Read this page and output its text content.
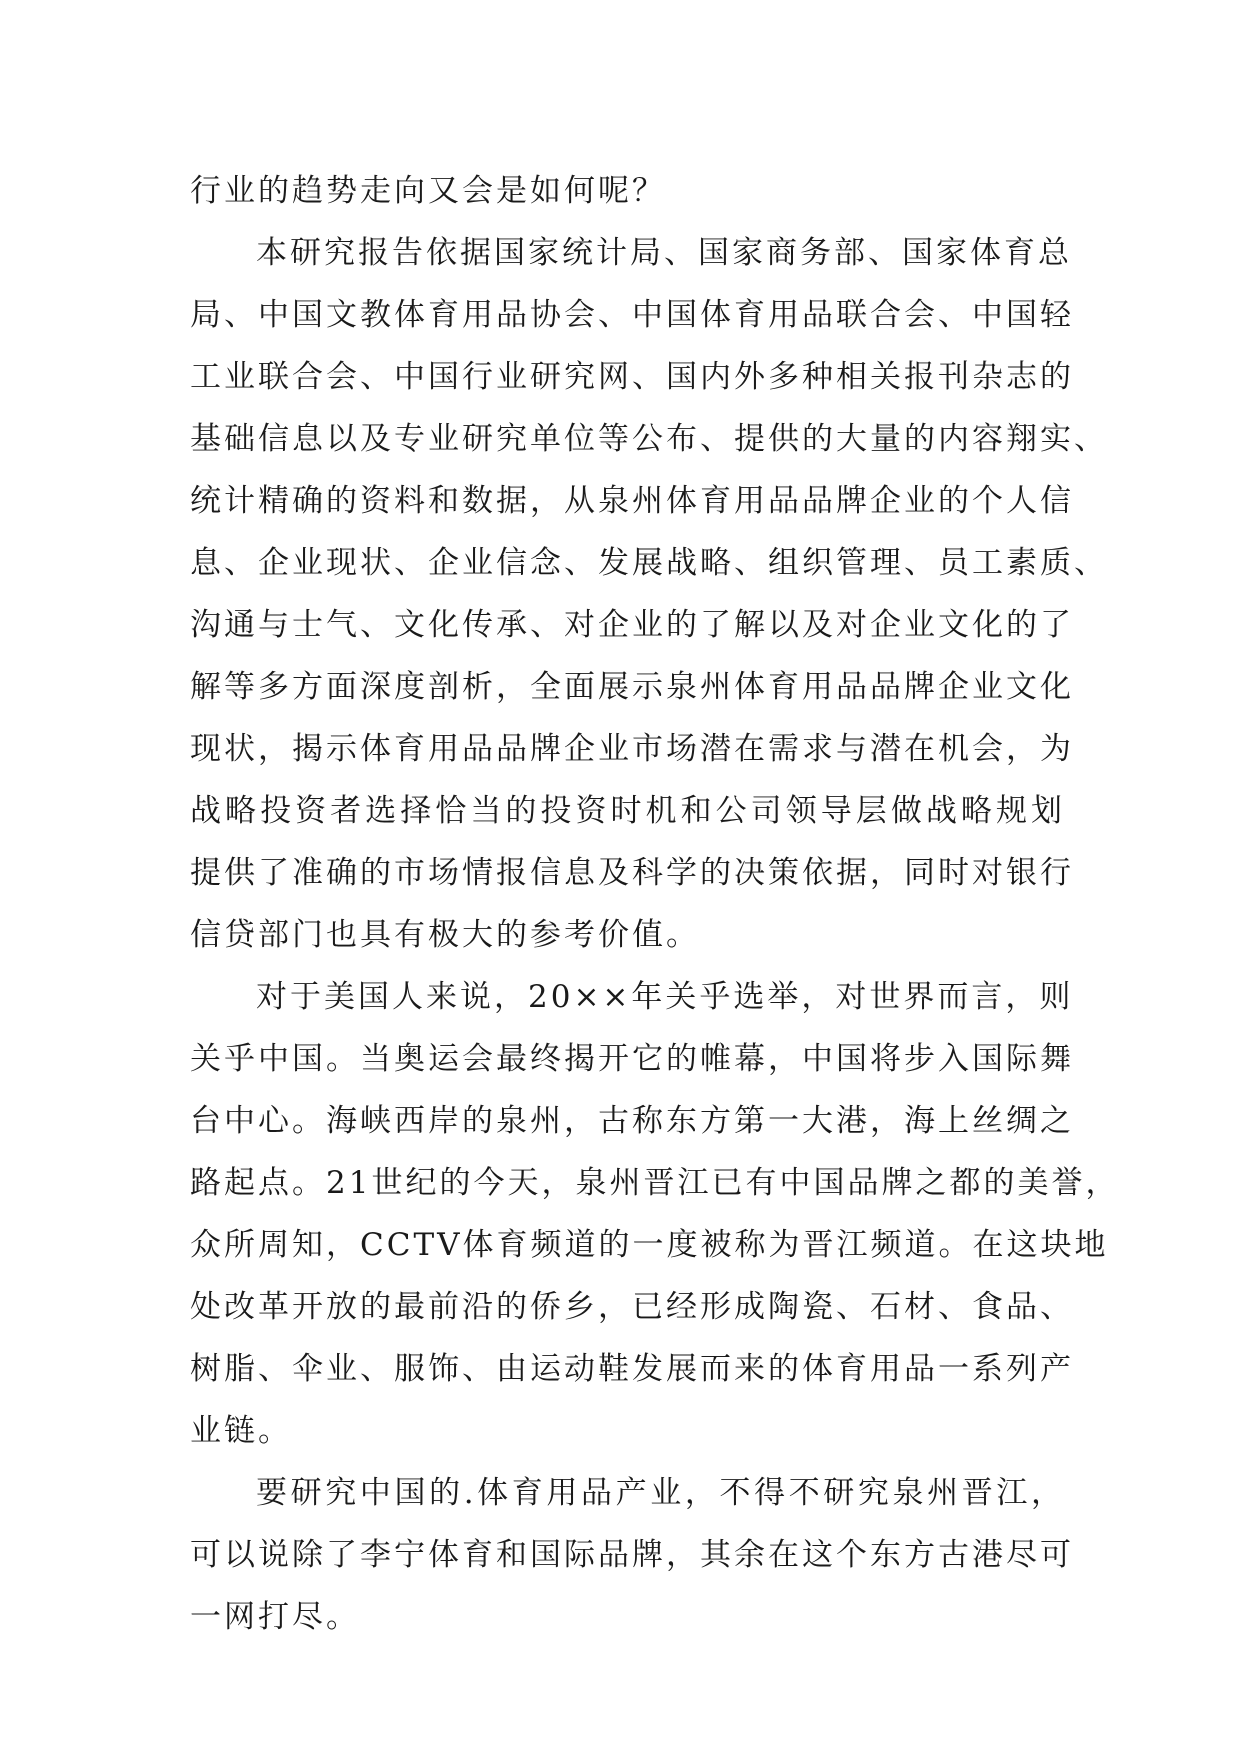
行业的趋势走向又会是如何呢？
本研究报告依据国家统计局、国家商务部、国家体育总
局、中国文教体育用品协会、中国体育用品联合会、中国轻
工业联合会、中国行业研究网、国内外多种相关报刊杂志的
基础信息以及专业研究单位等公布、提供的大量的内容翔实、
统计精确的资料和数据，从泉州体育用品品牌企业的个人信
息、企业现状、企业信念、发展战略、组织管理、员工素质、
沟通与士气、文化传承、对企业的了解以及对企业文化的了
解等多方面深度剖析，全面展示泉州体育用品品牌企业文化
现状，揭示体育用品品牌企业市场潜在需求与潜在机会，为
战略投资者选择恰当的投资时机和公司领导层做战略规划
提供了准确的市场情报信息及科学的决策依据，同时对银行
信贷部门也具有极大的参考价值。
对于美国人来说，20××年关乎选举，对世界而言，则
关乎中国。当奥运会最终揭开它的帷幕，中国将步入国际舞
台中心。海峡西岸的泉州，古称东方第一大港，海上丝绸之
路起点。21世纪的今天，泉州晋江已有中国品牌之都的美誉，
众所周知，CCTV体育频道的一度被称为晋江频道。在这块地
处改革开放的最前沿的侨乡，已经形成陶瓷、石材、食品、
树脂、伞业、服饰、由运动鞋发展而来的体育用品一系列产
业链。
要研究中国的.体育用品产业，不得不研究泉州晋江，
可以说除了李宁体育和国际品牌，其余在这个东方古港尽可
一网打尽。
